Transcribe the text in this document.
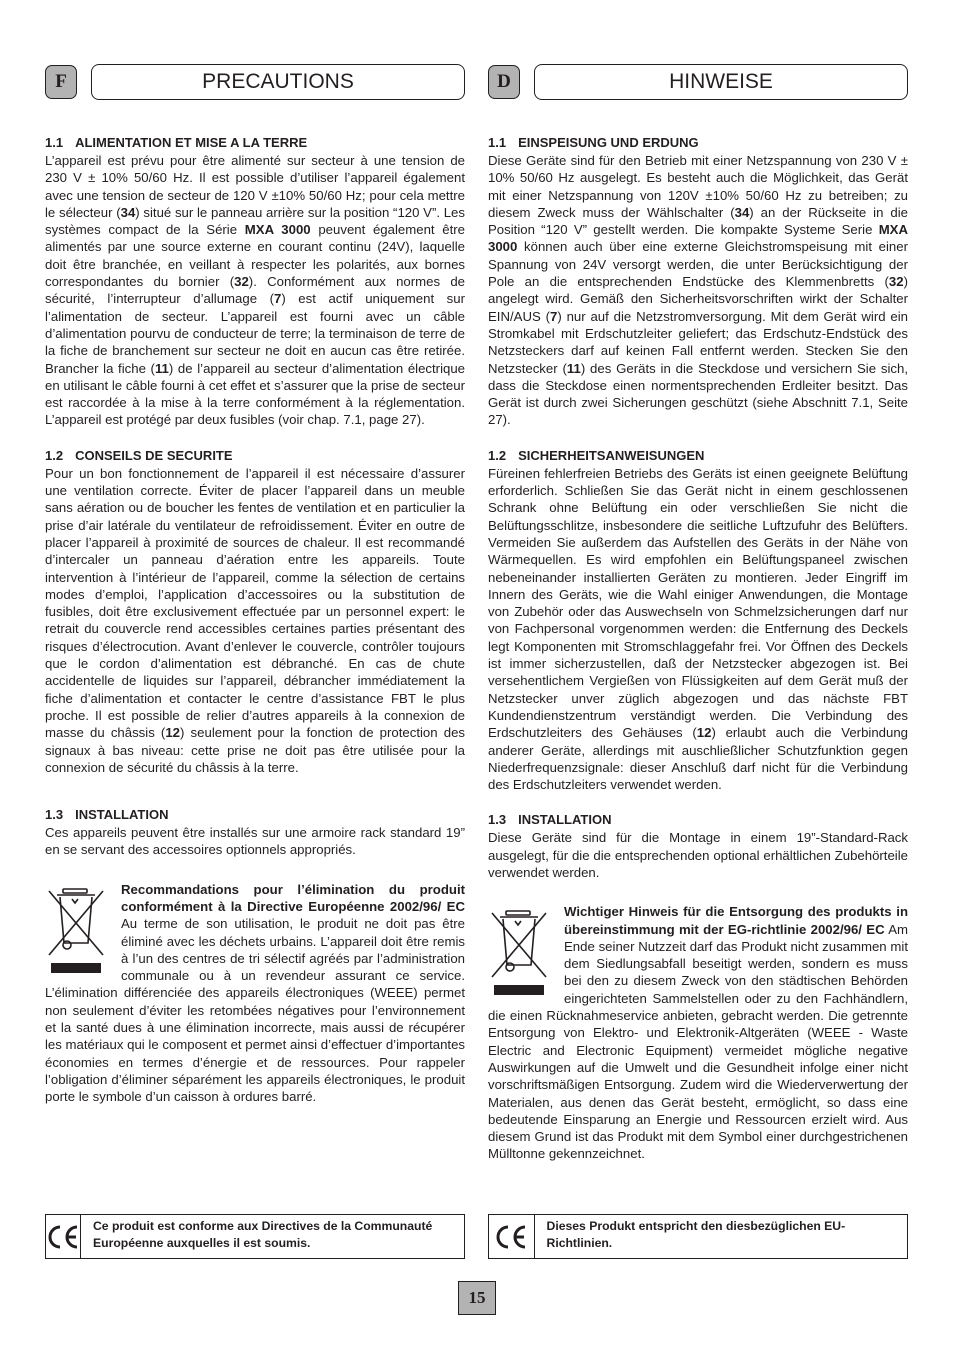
F	PRECAUTIONS
1.1 ALIMENTATION ET MISE A LA TERRE

L’appareil est prévu pour être alimenté sur secteur à une tension de 230 V ± 10% 50/60 Hz. Il est possible d’utiliser l’appareil également avec une tension de secteur de 120 V ±10% 50/60 Hz; pour cela mettre le sélecteur (34) situé sur le panneau arrière sur la position “120 V”. Les systèmes compact de la Série MXA 3000 peuvent également être alimentés par une source externe en courant continu (24V), laquelle doit être branchée, en veillant à respecter les polarités, aux bornes correspondantes du bornier (32). Conformément aux normes de sécurité, l’interrupteur d’allumage (7) est actif uniquement sur l’alimentation de secteur. L’appareil est fourni avec un câble d’alimentation pourvu de conducteur de terre; la terminaison de terre de la fiche de branchement sur secteur ne doit en aucun cas être retirée. Brancher la fiche (11) de l’appareil au secteur d’alimentation électrique en utilisant le câble fourni à cet effet et s’assurer que la prise de secteur est raccordée à la mise à la terre conformément à la réglementation. L’appareil est protégé par deux fusibles (voir chap. 7.1, page 27).

1.2 CONSEILS DE SECURITE

Pour un bon fonctionnement de l’appareil il est nécessaire d’assurer une ventilation correcte. Éviter de placer l’appareil dans un meuble sans aération ou de boucher les fentes de ventilation et en particulier la prise d’air latérale du ventilateur de refroidissement. Éviter en outre de placer l’appareil à proximité de sources de chaleur. Il est recommandé d’intercaler un panneau d’aération entre les appareils. Toute intervention à l’intérieur de l’appareil, comme la sélection de certains modes d’emploi, l’application d’accessoires ou la substitution de fusibles, doit être exclusivement effectuée par un personnel expert: le retrait du couvercle rend accessibles certaines parties présentant des risques d’électrocution. Avant d’enlever le couvercle, contrôler toujours que le cordon d’alimentation est débranché. En cas de chute accidentelle de liquides sur l’appareil, débrancher immédiatement la fiche d’alimentation et contacter le centre d’assistance FBT le plus proche. Il est possible de relier d’autres appareils à la connexion de masse du châssis (12) seulement pour la fonction de protection des signaux à bas niveau: cette prise ne doit pas être utilisée pour la connexion de sécurité du châssis à la terre.

1.3 INSTALLATION

Ces appareils peuvent être installés sur une armoire rack standard 19” en se servant des accessoires optionnels appropriés.

Recommandations pour l’élimination du produit conformément à la Directive Européenne 2002/96/ EC Au terme de son utilisation, le produit ne doit pas être éliminé avec les déchets urbains. L’appareil doit être remis à l’un des centres de tri sélectif agréés par l’administration communale ou à un revendeur assurant ce service. L’élimination différenciée des appareils électroniques (WEEE) permet non seulement d’éviter les retombées négatives pour l’environnement et la santé dues à une élimination incorrecte, mais aussi de récupérer les matériaux qui le composent et permet ainsi d’effectuer d’importantes économies en termes d’énergie et de ressources. Pour rappeler l’obligation d’éliminer séparément les appareils électroniques, le produit porte le symbole d’un caisson à ordures barré.

D	HINWEISE
1.1 EINSPEISUNG UND ERDUNG

Diese Geräte sind für den Betrieb mit einer Netzspannung von 230 V ± 10% 50/60 Hz ausgelegt. Es besteht auch die Möglichkeit, das Gerät mit einer Netzspannung von 120V ±10% 50/60 Hz zu betreiben; zu diesem Zweck muss der Wählschalter (34) an der Rückseite in die Position “120 V” gestellt werden. Die kompakte Systeme Serie MXA 3000 können auch über eine externe Gleichstromspeisung mit einer Spannung von 24V versorgt werden, die unter Berücksichtigung der Pole an die entsprechenden Endstücke des Klemmenbretts (32) angelegt wird. Gemäß den Sicherheitsvorschriften wirkt der Schalter EIN/AUS (7) nur auf die Netzstromversorgung. Mit dem Gerät wird ein Stromkabel mit Erdschutzleiter geliefert; das Erdschutz-Endstück des Netzsteckers darf auf keinen Fall entfernt werden. Stecken Sie den Netzstecker (11) des Geräts in die Steckdose und versichern Sie sich, dass die Steckdose einen normentsprechenden Erdleiter besitzt. Das Gerät ist durch zwei Sicherungen geschützt (siehe Abschnitt 7.1, Seite 27).

1.2 SICHERHEITSANWEISUNGEN

Füreinen fehlerfreien Betriebs des Geräts ist einen geeignete Belüftung erforderlich. Schließen Sie das Gerät nicht in einem geschlossenen Schrank ohne Belüftung ein oder verschließen Sie nicht die Belüftungsschlitze, insbesondere die seitliche Luftzufuhr des Belüfters. Vermeiden Sie außerdem das Aufstellen des Geräts in der Nähe von Wärmequellen. Es wird empfohlen ein Belüftungspaneel zwischen nebeneinander installierten Geräten zu montieren. Jeder Eingriff im Innern des Geräts, wie die Wahl einiger Anwendungen, die Montage von Zubehör oder das Auswechseln von Schmelzsicherungen darf nur von Fachpersonal vorgenommen werden: die Entfernung des Deckels legt Komponenten mit Stromschlaggefahr frei. Vor Öffnen des Deckels ist immer sicherzustellen, daß der Netzstecker abgezogen ist. Bei versehentlichem Vergießen von Flüssigkeiten auf dem Gerät muß der Netzstecker unver züglich abgezogen und das nächste FBT Kundendienstzentrum verständigt werden. Die Verbindung des Erdschutzleiters des Gehäuses (12) erlaubt auch die Verbindung anderer Geräte, allerdings mit auschließlicher Schutzfunktion gegen Niederfrequenzsignale: dieser Anschluß darf nicht für die Verbindung des Erdschutzleiters verwendet werden.

1.3 INSTALLATION

Diese Geräte sind für die Montage in einem 19”-Standard-Rack ausgelegt, für die die entsprechenden optional erhältlichen Zubehörteile verwendet werden.

Wichtiger Hinweis für die Entsorgung des produkts in übereinstimmung mit der EG-richtlinie 2002/96/ EC Am Ende seiner Nutzzeit darf das Produkt nicht zusammen mit dem Siedlungsabfall beseitigt werden, sondern es muss bei den zu diesem Zweck von den städtischen Behörden eingerichteten Sammelstellen oder zu den Fachhändlern, die einen Rücknahmeservice anbieten, gebracht werden. Die getrennte Entsorgung von Elektro- und Elektronik-Altgeräten (WEEE - Waste Electric and Electronic Equipment) vermeidet mögliche negative Auswirkungen auf die Umwelt und die Gesundheit infolge einer nicht vorschriftsmäßigen Entsorgung. Zudem wird die Wiederverwertung der Materialen, aus denen das Gerät besteht, ermöglicht, so dass eine bedeutende Einsparung an Energie und Ressourcen erzielt wird. Aus diesem Grund ist das Produkt mit dem Symbol einer durchgestrichenen Mülltonne gekennzeichnet.

Ce produit est conforme aux Directives de la Communauté Européenne auxquelles il est soumis.
Dieses Produkt entspricht den diesbezüglichen EU-Richtlinien.
15
